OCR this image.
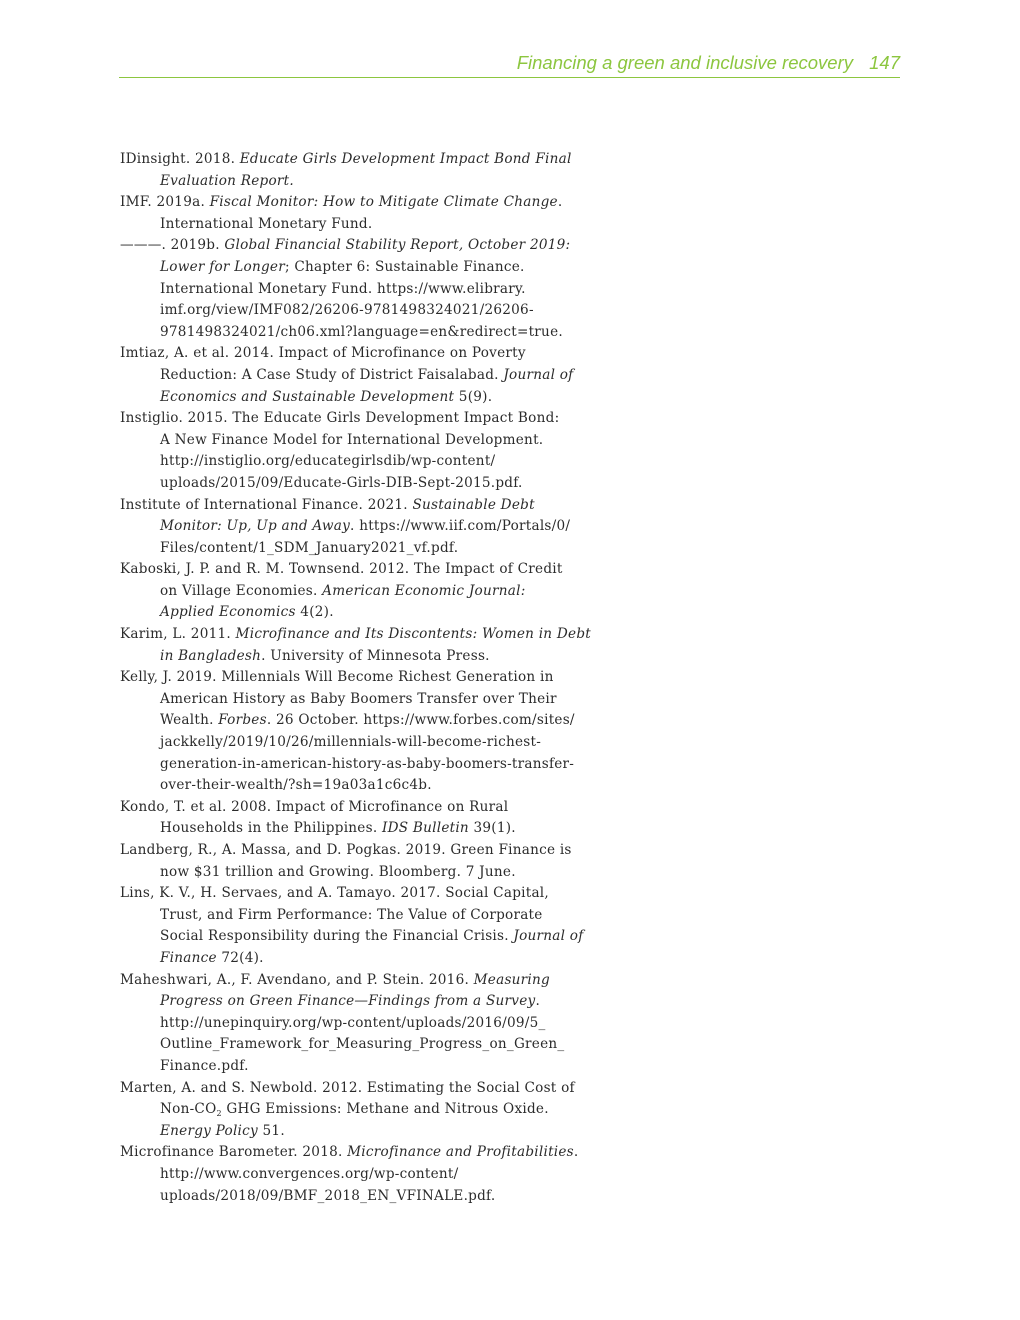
Financing a green and inclusive recovery 147
IDinsight. 2018. Educate Girls Development Impact Bond Final
Evaluation Report.
IMF. 2019a. Fiscal Monitor: How to Mitigate Climate Change.
International Monetary Fund.
———. 2019b. Global Financial Stability Report, October 2019:
Lower for Longer; Chapter 6: Sustainable Finance.
International Monetary Fund. https://www.elibrary.
imf.org/view/IMF082/26206-9781498324021/26206-
9781498324021/ch06.xml?language=en&redirect=true.
Imtiaz, A. et al. 2014. Impact of Microfinance on Poverty
Reduction: A Case Study of District Faisalabad. Journal of
Economics and Sustainable Development 5(9).
Instiglio. 2015. The Educate Girls Development Impact Bond:
A New Finance Model for International Development.
http://instiglio.org/educategirlsdib/wp-content/
uploads/2015/09/Educate-Girls-DIB-Sept-2015.pdf.
Institute of International Finance. 2021. Sustainable Debt
Monitor: Up, Up and Away. https://www.iif.com/Portals/0/
Files/content/1_SDM_January2021_vf.pdf.
Kaboski, J. P. and R. M. Townsend. 2012. The Impact of Credit
on Village Economies. American Economic Journal:
Applied Economics 4(2).
Karim, L. 2011. Microfinance and Its Discontents: Women in Debt
in Bangladesh. University of Minnesota Press.
Kelly, J. 2019. Millennials Will Become Richest Generation in
American History as Baby Boomers Transfer over Their
Wealth. Forbes. 26 October. https://www.forbes.com/sites/
jackkelly/2019/10/26/millennials-will-become-richest-
generation-in-american-history-as-baby-boomers-transfer-
over-their-wealth/?sh=19a03a1c6c4b.
Kondo, T. et al. 2008. Impact of Microfinance on Rural
Households in the Philippines. IDS Bulletin 39(1).
Landberg, R., A. Massa, and D. Pogkas. 2019. Green Finance is
now $31 trillion and Growing. Bloomberg. 7 June.
Lins, K. V., H. Servaes, and A. Tamayo. 2017. Social Capital,
Trust, and Firm Performance: The Value of Corporate
Social Responsibility during the Financial Crisis. Journal of
Finance 72(4).
Maheshwari, A., F. Avendano, and P. Stein. 2016. Measuring
Progress on Green Finance—Findings from a Survey.
http://unepinquiry.org/wp-content/uploads/2016/09/5_
Outline_Framework_for_Measuring_Progress_on_Green_
Finance.pdf.
Marten, A. and S. Newbold. 2012. Estimating the Social Cost of
Non-$CO_2$ GHG Emissions: Methane and Nitrous Oxide.
Energy Policy 51.
Microfinance Barometer. 2018. Microfinance and Profitabilities.
http://www.convergences.org/wp-content/
uploads/2018/09/BMF_2018_EN_VFINALE.pdf.
